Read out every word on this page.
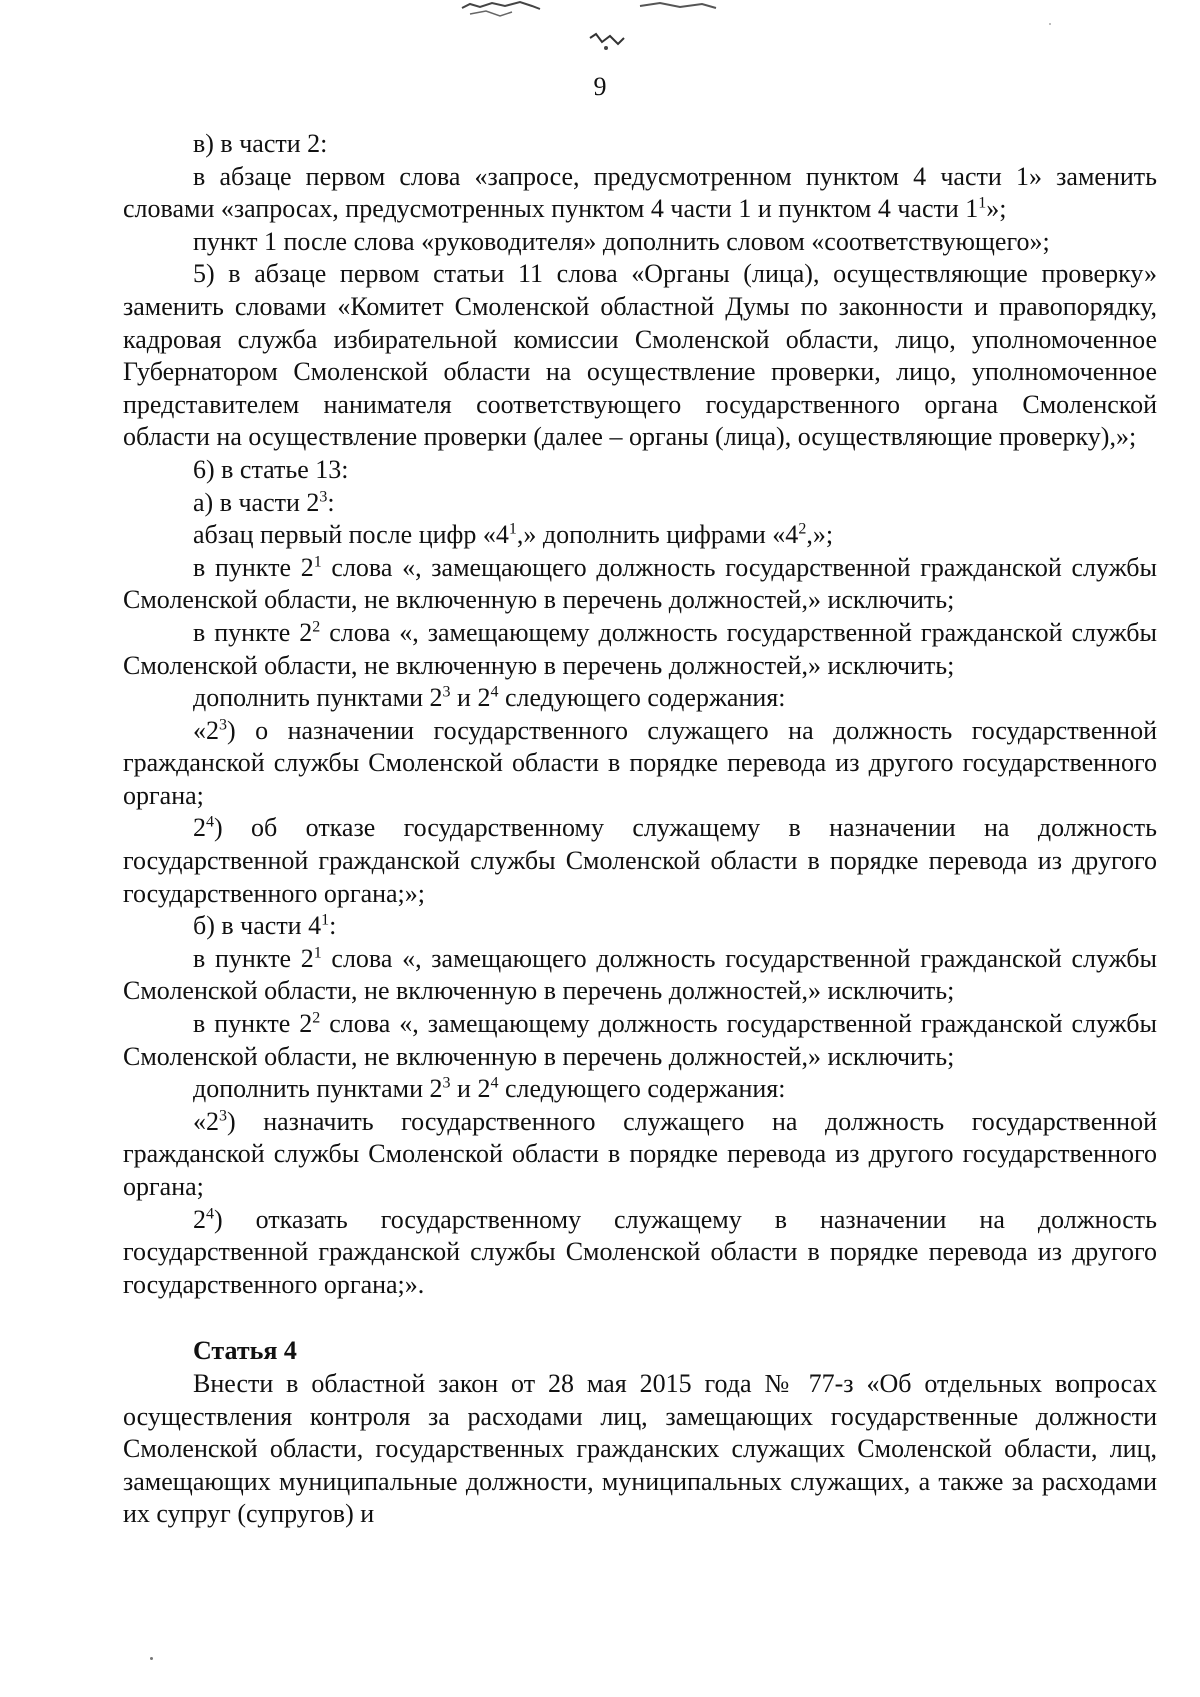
9

в) в части 2:

в абзаце первом слова «запросе, предусмотренном пунктом 4 части 1» заменить словами «запросах, предусмотренных пунктом 4 части 1 и пунктом 4 части $1^1$»;

пункт 1 после слова «руководителя» дополнить словом «соответствующего»;

5) в абзаце первом статьи 11 слова «Органы (лица), осуществляющие проверку» заменить словами «Комитет Смоленской областной Думы по законности и правопорядку, кадровая служба избирательной комиссии Смоленской области, лицо, уполномоченное Губернатором Смоленской области на осуществление проверки, лицо, уполномоченное представителем нанимателя соответствующего государственного органа Смоленской области на осуществление проверки (далее – органы (лица), осуществляющие проверку),»;

6) в статье 13:

а) в части $2^3$:

абзац первый после цифр «$4^1$,» дополнить цифрами «$4^2$,»;

в пункте $2^1$ слова «, замещающего должность государственной гражданской службы Смоленской области, не включенную в перечень должностей,» исключить;

в пункте $2^2$ слова «, замещающему должность государственной гражданской службы Смоленской области, не включенную в перечень должностей,» исключить;

дополнить пунктами $2^3$ и $2^4$ следующего содержания:

«$2^3$) о назначении государственного служащего на должность государственной гражданской службы Смоленской области в порядке перевода из другого государственного органа;

$2^4$) об отказе государственному служащему в назначении на должность государственной гражданской службы Смоленской области в порядке перевода из другого государственного органа;»;

б) в части $4^1$:

в пункте $2^1$ слова «, замещающего должность государственной гражданской службы Смоленской области, не включенную в перечень должностей,» исключить;

в пункте $2^2$ слова «, замещающему должность государственной гражданской службы Смоленской области, не включенную в перечень должностей,» исключить;

дополнить пунктами $2^3$ и $2^4$ следующего содержания:

«$2^3$) назначить государственного служащего на должность государственной гражданской службы Смоленской области в порядке перевода из другого государственного органа;

$2^4$) отказать государственному служащему в назначении на должность государственной гражданской службы Смоленской области в порядке перевода из другого государственного органа;».

Статья 4

Внести в областной закон от 28 мая 2015 года № 77-з «Об отдельных вопросах осуществления контроля за расходами лиц, замещающих государственные должности Смоленской области, государственных гражданских служащих Смоленской области, лиц, замещающих муниципальные должности, муниципальных служащих, а также за расходами их супруг (супругов) и
